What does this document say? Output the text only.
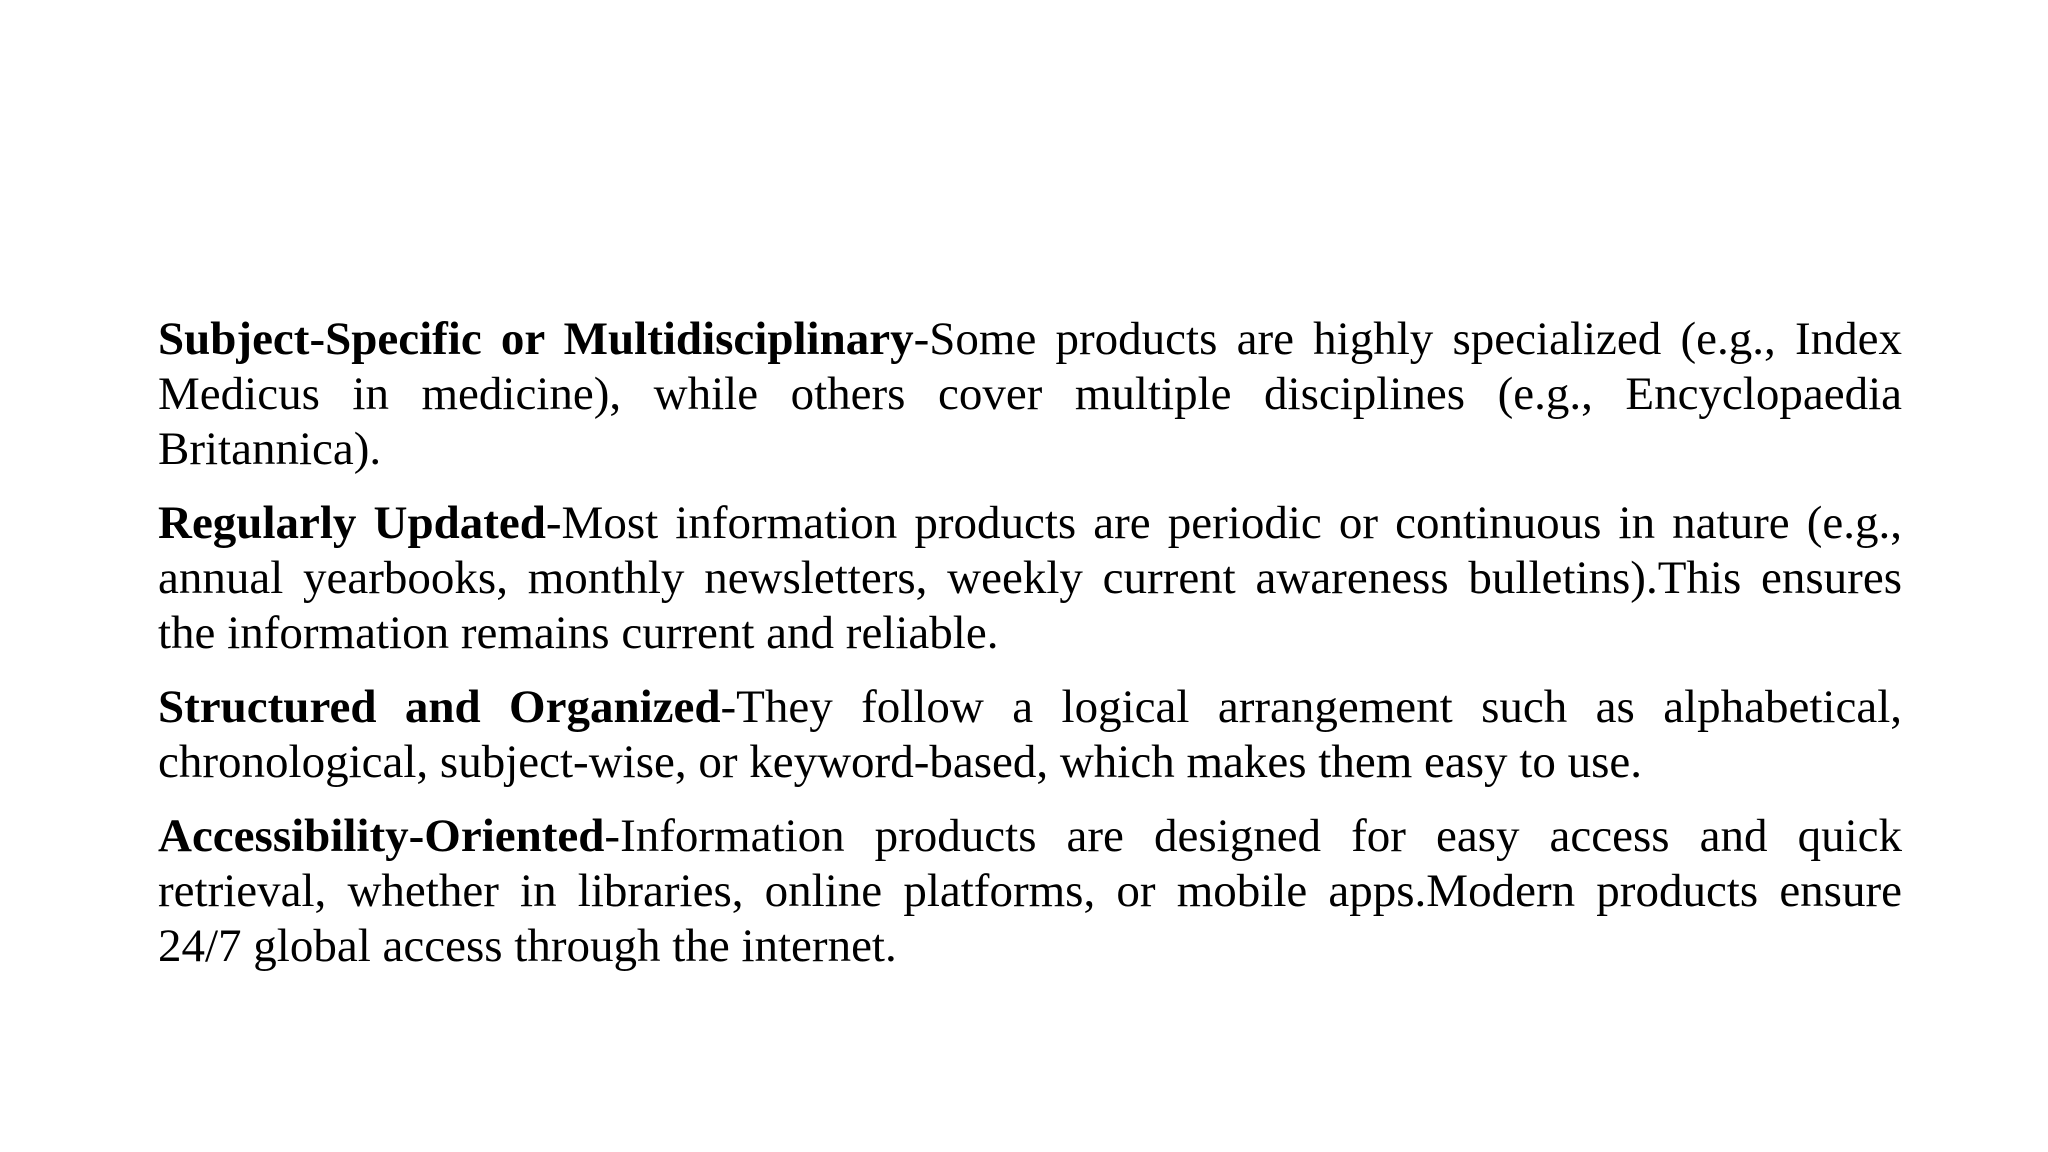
Subject-Specific or Multidisciplinary-Some products are highly specialized (e.g., Index Medicus in medicine), while others cover multiple disciplines (e.g., Encyclopaedia Britannica).

Regularly Updated-Most information products are periodic or continuous in nature (e.g., annual yearbooks, monthly newsletters, weekly current awareness bulletins).This ensures the information remains current and reliable.

Structured and Organized-They follow a logical arrangement such as alphabetical, chronological, subject-wise, or keyword-based, which makes them easy to use.

Accessibility-Oriented-Information products are designed for easy access and quick retrieval, whether in libraries, online platforms, or mobile apps.Modern products ensure 24/7 global access through the internet.
